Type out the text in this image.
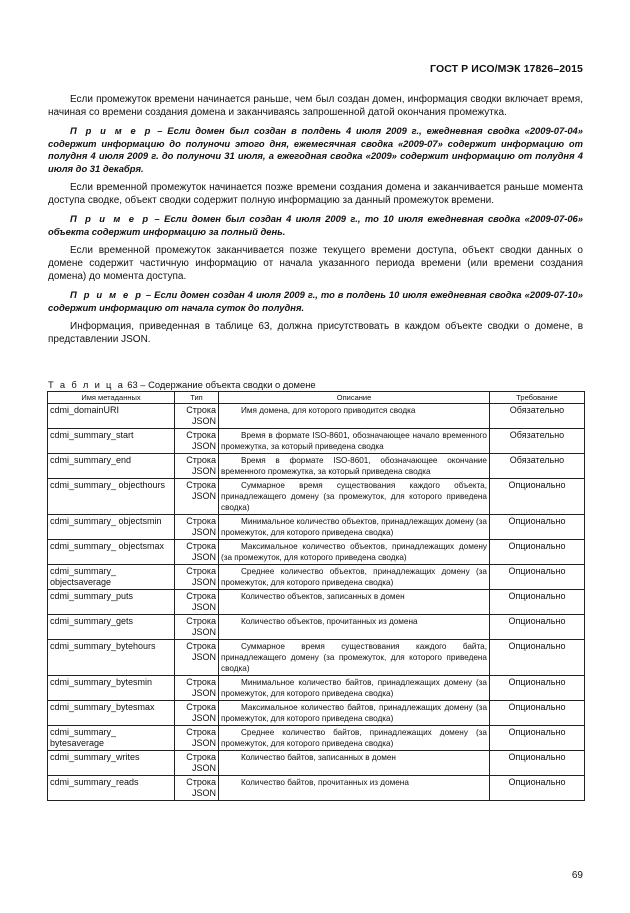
ГОСТ Р ИСО/МЭК 17826–2015

Если промежуток времени начинается раньше, чем был создан домен, информация сводки включает время, начиная со времени создания домена и заканчиваясь запрошенной датой окончания промежутка.

П р и м е р – Если домен был создан в полдень 4 июля 2009 г., ежедневная сводка «2009-07-04» содержит информацию до полуночи этого дня, ежемесячная сводка «2009-07» содержит информацию от полудня 4 июля 2009 г. до полуночи 31 июля, а ежегодная сводка «2009» содержит информацию от полудня 4 июля до 31 декабря.

Если временной промежуток начинается позже времени создания домена и заканчивается раньше момента доступа сводке, объект сводки содержит полную информацию за данный промежуток времени.

П р и м е р – Если домен был создан 4 июля 2009 г., то 10 июля ежедневная сводка «2009-07-06» объекта содержит информацию за полный день.

Если временной промежуток заканчивается позже текущего времени доступа, объект сводки данных о домене содержит частичную информацию от начала указанного периода времени (или времени создания домена) до момента доступа.

П р и м е р – Если домен создан 4 июля 2009 г., то в полдень 10 июля ежедневная сводка «2009-07-10» содержит информацию от начала суток до полудня.

Информация, приведенная в таблице 63, должна присутствовать в каждом объекте сводки о домене, в представлении JSON.

Т а б л и ц а 63 – Содержание объекта сводки о домене
Имя метаданных	Тип	Описание	Требование
cdmi_domainURI	Строка JSON	Имя домена, для которого приводится сводка	Обязательно
cdmi_summary_start	Строка JSON	Время в формате ISO-8601, обозначающее начало временного промежутка, за который приведена сводка	Обязательно
cdmi_summary_end	Строка JSON	Время в формате ISO-8601, обозначающее окончание временного промежутка, за который приведена сводка	Обязательно
cdmi_summary_ objecthours	Строка JSON	Суммарное время существования каждого объекта, принадлежащего домену (за промежуток, для которого приведена сводка)	Опционально
cdmi_summary_ objectsmin	Строка JSON	Минимальное количество объектов, принадлежащих домену (за промежуток, для которого приведена сводка)	Опционально
cdmi_summary_ objectsmax	Строка JSON	Максимальное количество объектов, принадлежащих домену (за промежуток, для которого приведена сводка)	Опционально
cdmi_summary_ objectsaverage	Строка JSON	Среднее количество объектов, принадлежащих домену (за промежуток, для которого приведена сводка)	Опционально
cdmi_summary_puts	Строка JSON	Количество объектов, записанных в домен	Опционально
cdmi_summary_gets	Строка JSON	Количество объектов, прочитанных из домена	Опционально
cdmi_summary_bytehours	Строка JSON	Суммарное время существования каждого байта, принадлежащего домену (за промежуток, для которого приведена сводка)	Опционально
cdmi_summary_bytesmin	Строка JSON	Минимальное количество байтов, принадлежащих домену (за промежуток, для которого приведена сводка)	Опционально
cdmi_summary_bytesmax	Строка JSON	Максимальное количество байтов, принадлежащих домену (за промежуток, для которого приведена сводка)	Опционально
cdmi_summary_ bytesaverage	Строка JSON	Среднее количество байтов, принадлежащих домену (за промежуток, для которого приведена сводка)	Опционально
cdmi_summary_writes	Строка JSON	Количество байтов, записанных в домен	Опционально
cdmi_summary_reads	Строка JSON	Количество байтов, прочитанных из домена	Опционально
69
